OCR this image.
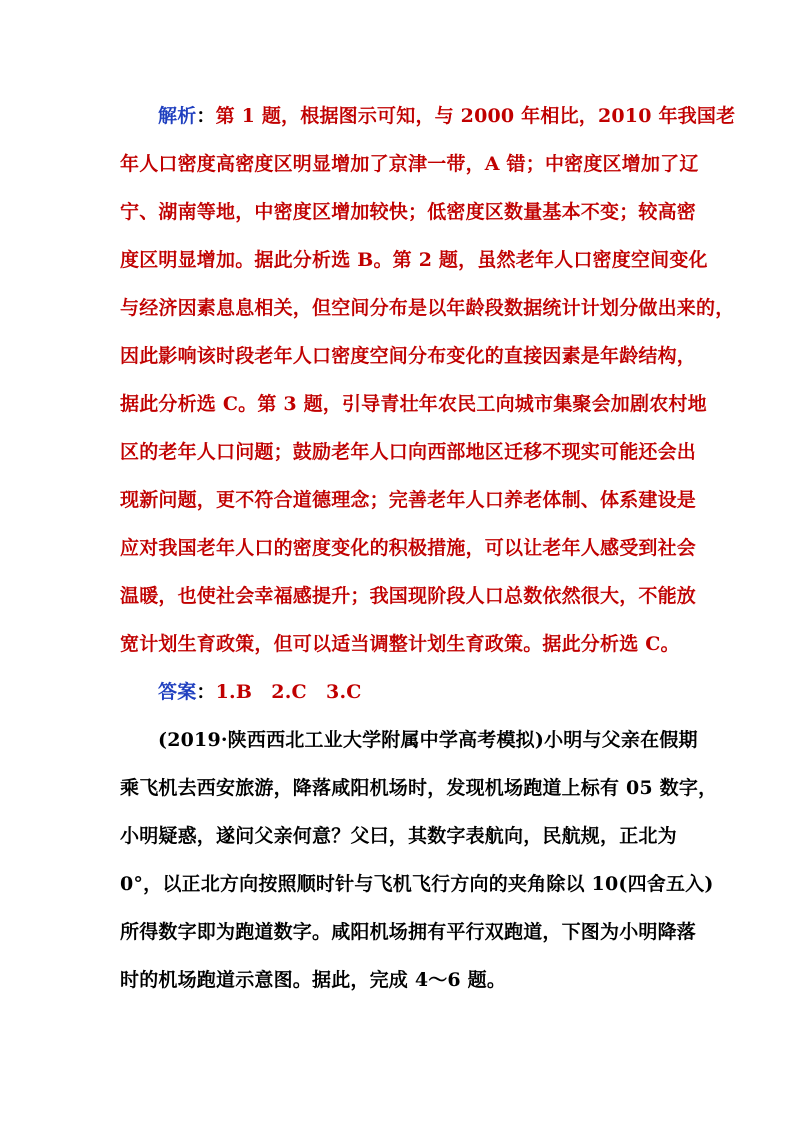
解析：第 1 题，根据图示可知，与 2000 年相比，2010 年我国老
年人口密度高密度区明显增加了京津一带，A 错；中密度区增加了辽
宁、湖南等地，中密度区增加较快；低密度区数量基本不变；较高密
度区明显增加。据此分析选 B。第 2 题，虽然老年人口密度空间变化
与经济因素息息相关，但空间分布是以年龄段数据统计计划分做出来的，
因此影响该时段老年人口密度空间分布变化的直接因素是年龄结构，
据此分析选 C。第 3 题，引导青壮年农民工向城市集聚会加剧农村地
区的老年人口问题；鼓励老年人口向西部地区迁移不现实可能还会出
现新问题，更不符合道德理念；完善老年人口养老体制、体系建设是
应对我国老年人口的密度变化的积极措施，可以让老年人感受到社会
温暖，也使社会幸福感提升；我国现阶段人口总数依然很大，不能放
宽计划生育政策，但可以适当调整计划生育政策。据此分析选 C。
答案：1.B　2.C　3.C
(2019·陕西西北工业大学附属中学高考模拟)小明与父亲在假期
乘飞机去西安旅游，降落咸阳机场时，发现机场跑道上标有 05 数字，
小明疑惑，遂问父亲何意？父曰，其数字表航向，民航规，正北为
0°，以正北方向按照顺时针与飞机飞行方向的夹角除以 10(四舍五入)
所得数字即为跑道数字。咸阳机场拥有平行双跑道，下图为小明降落
时的机场跑道示意图。据此，完成 4～6 题。
